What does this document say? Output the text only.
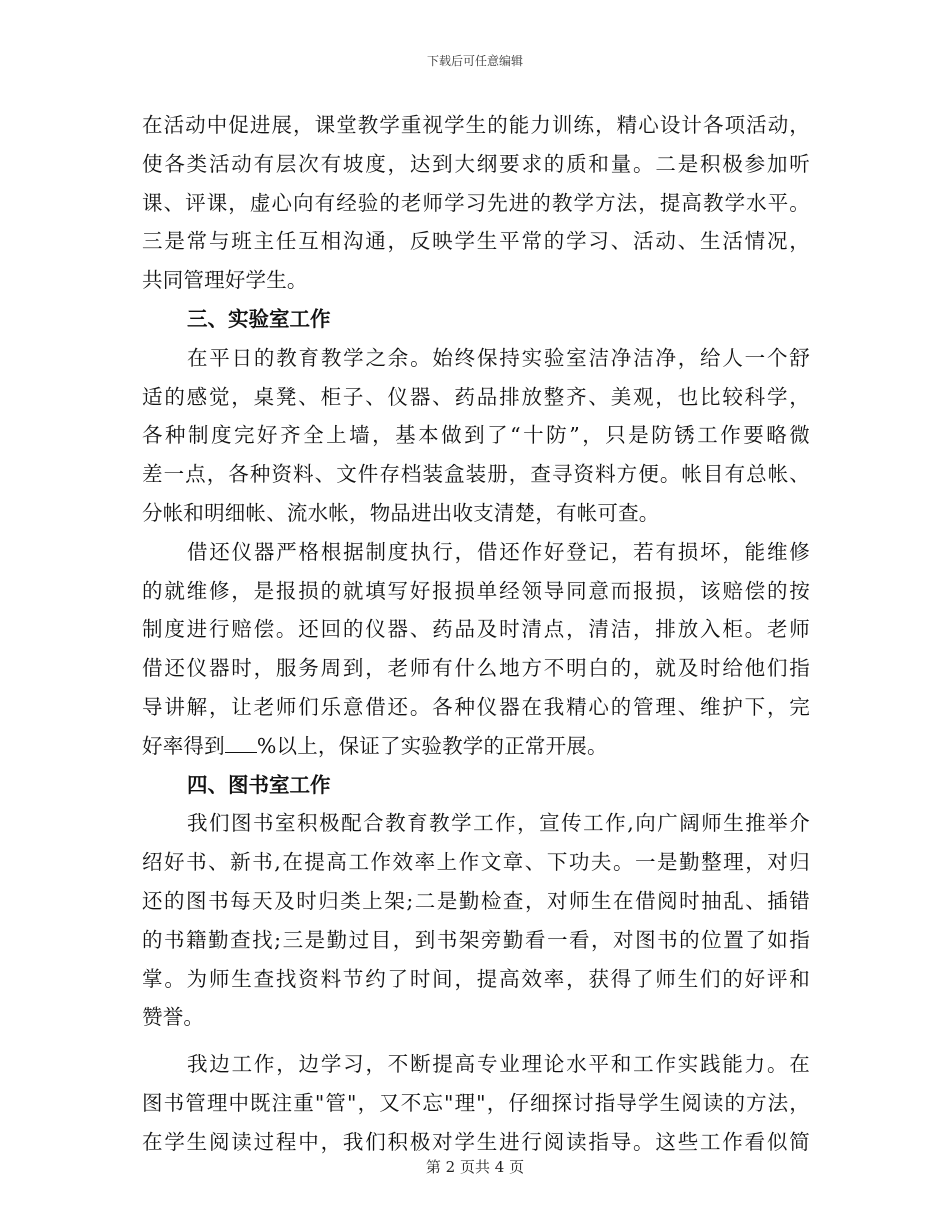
下载后可任意编辑
在活动中促进展，课堂教学重视学生的能力训练，精心设计各项活动，
使各类活动有层次有坡度，达到大纲要求的质和量。二是积极参加听
课、评课，虚心向有经验的老师学习先进的教学方法，提高教学水平。
三是常与班主任互相沟通，反映学生平常的学习、活动、生活情况，
共同管理好学生。
三、实验室工作
在平日的教育教学之余。始终保持实验室洁净洁净，给人一个舒
适的感觉，桌凳、柜子、仪器、药品排放整齐、美观，也比较科学，
各种制度完好齐全上墙，基本做到了“十防”，只是防锈工作要略微
差一点，各种资料、文件存档装盒装册，查寻资料方便。帐目有总帐、
分帐和明细帐、流水帐，物品进出收支清楚，有帐可查。
借还仪器严格根据制度执行，借还作好登记，若有损坏，能维修
的就维修，是报损的就填写好报损单经领导同意而报损，该赔偿的按
制度进行赔偿。还回的仪器、药品及时清点，清洁，排放入柜。老师
借还仪器时，服务周到，老师有什么地方不明白的，就及时给他们指
导讲解，让老师们乐意借还。各种仪器在我精心的管理、维护下，完
好率得到 %以上，保证了实验教学的正常开展。
四、图书室工作
我们图书室积极配合教育教学工作，宣传工作,向广阔师生推举介
绍好书、新书,在提高工作效率上作文章、下功夫。一是勤整理，对归
还的图书每天及时归类上架;二是勤检查，对师生在借阅时抽乱、插错
的书籍勤查找;三是勤过目，到书架旁勤看一看，对图书的位置了如指
掌。为师生查找资料节约了时间，提高效率，获得了师生们的好评和
赞誉。
我边工作，边学习，不断提高专业理论水平和工作实践能力。在
图书管理中既注重"管"，又不忘"理"，仔细探讨指导学生阅读的方法，
在学生阅读过程中，我们积极对学生进行阅读指导。这些工作看似简
第 2 页共 4 页
